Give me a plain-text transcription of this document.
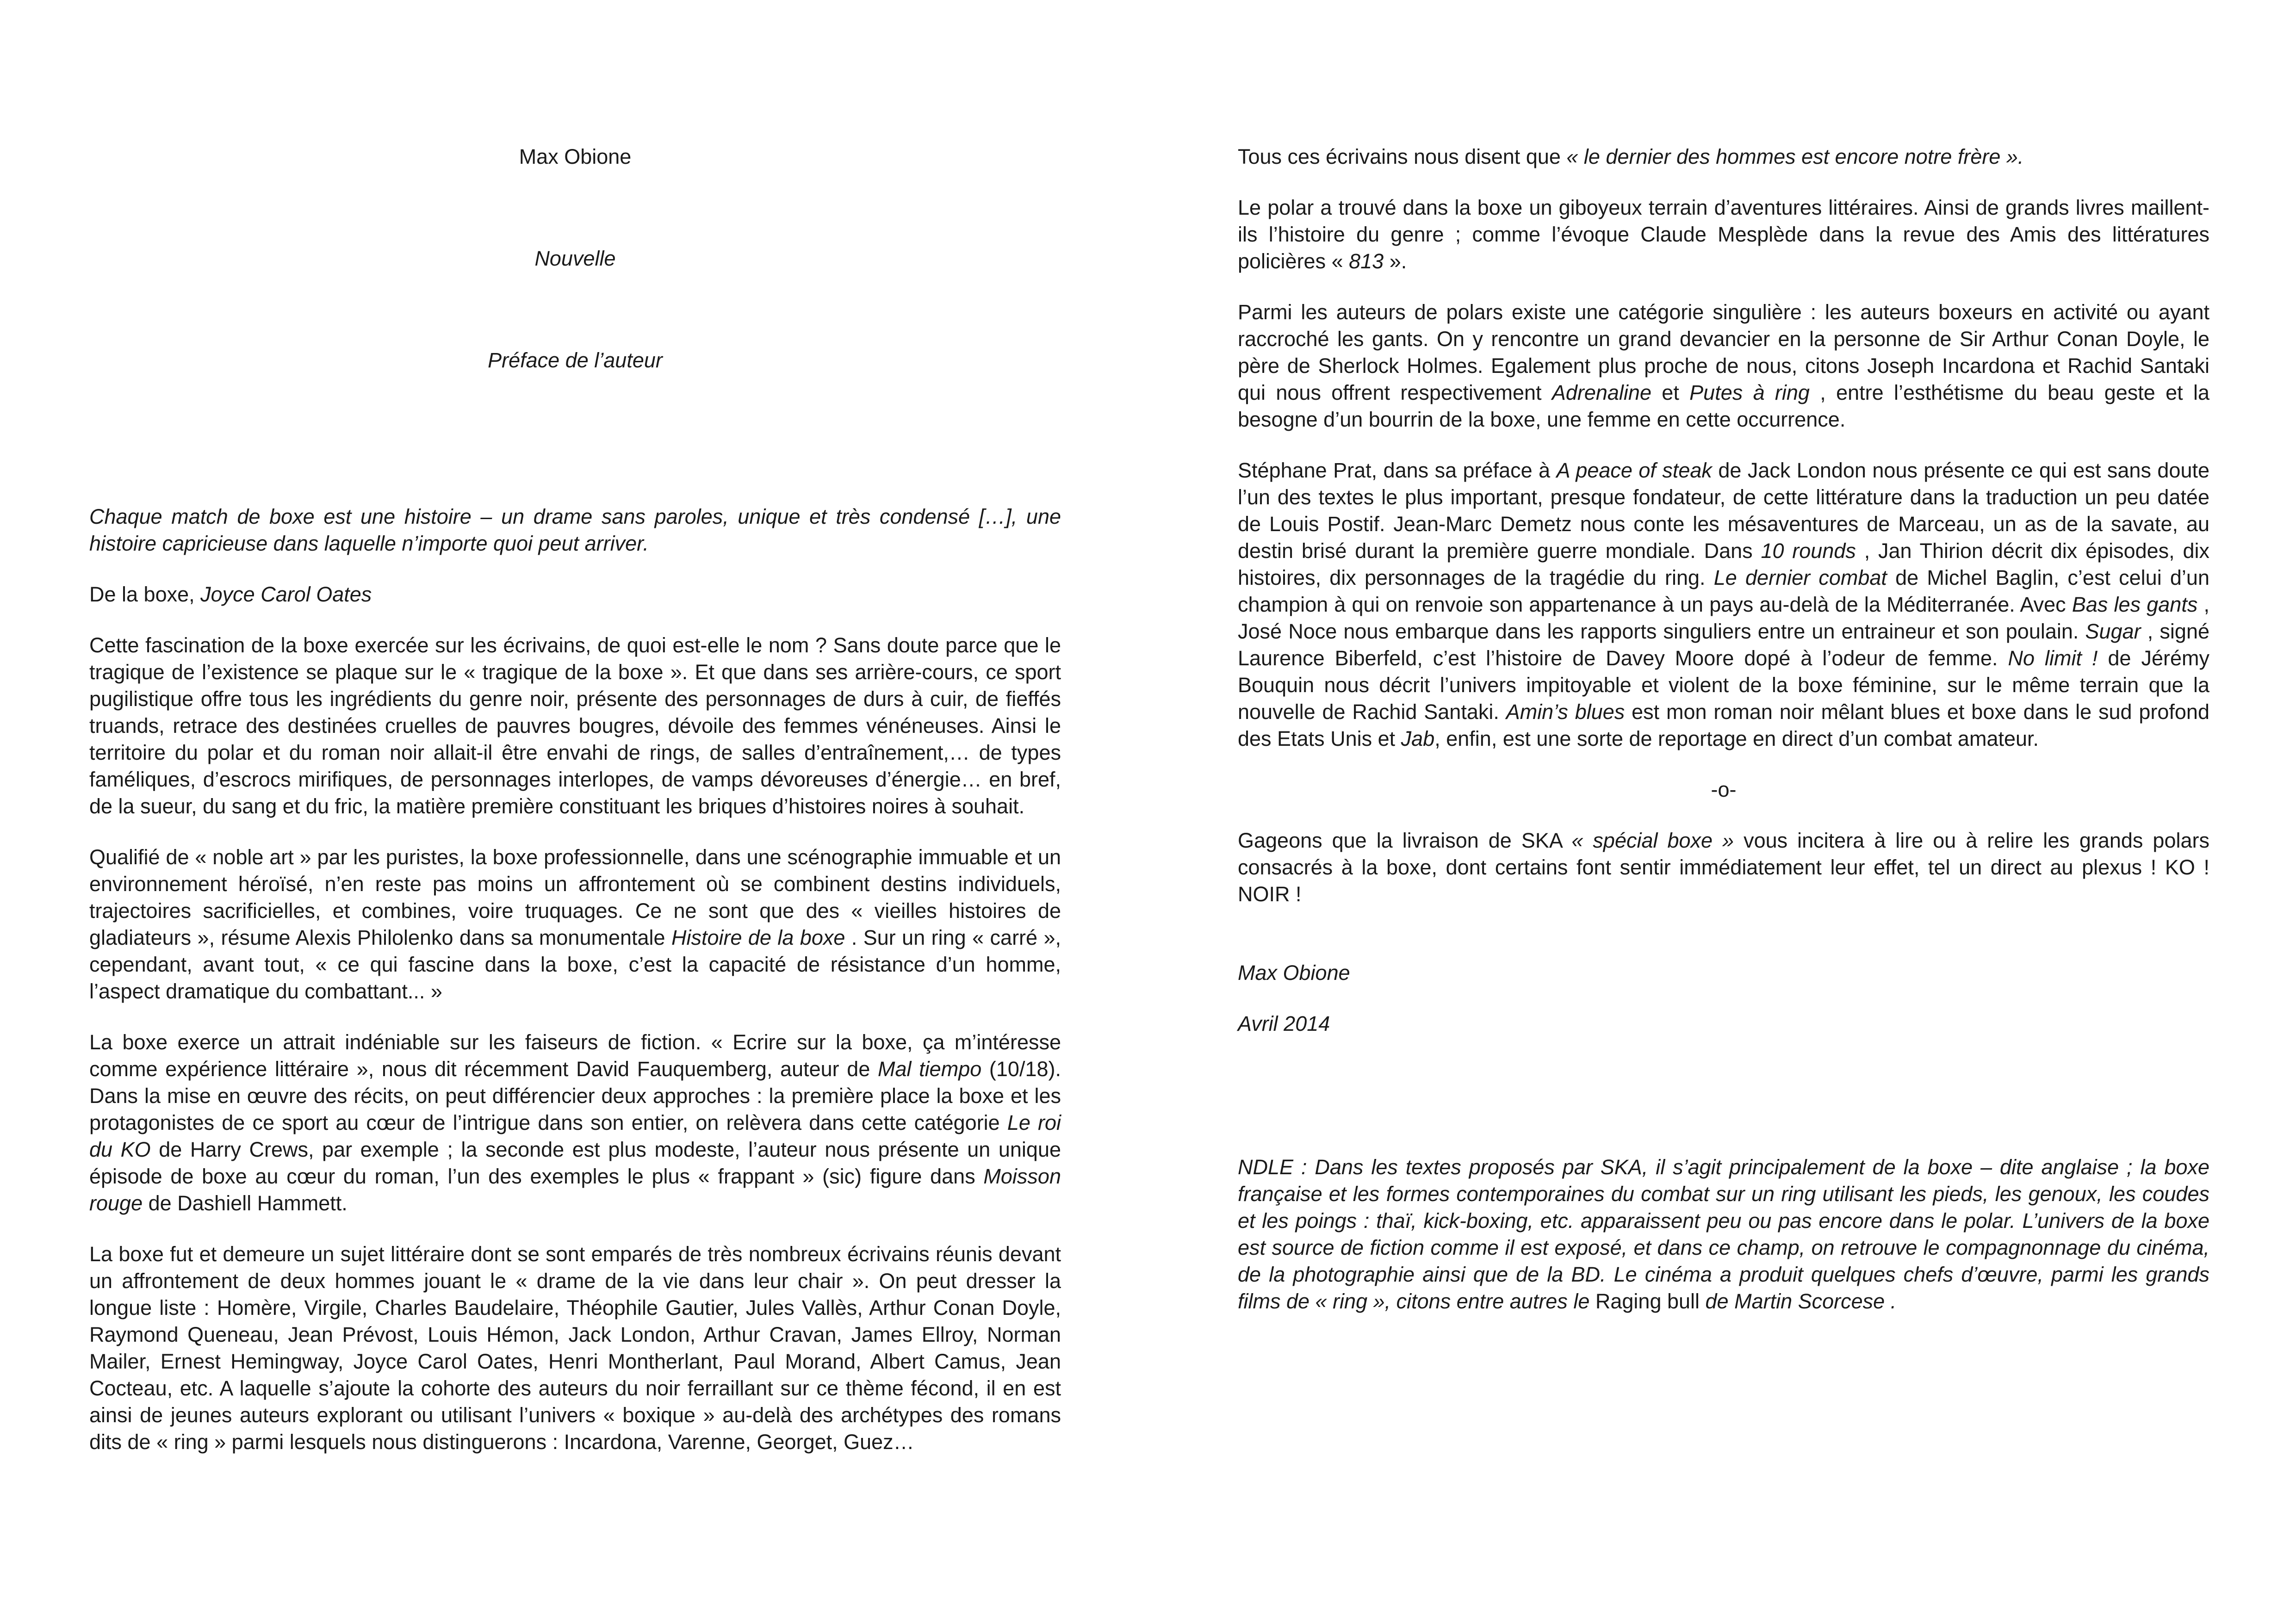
Max Obione

Nouvelle

Préface de l’auteur

Chaque match de boxe est une histoire – un drame sans paroles, unique et très condensé […], une histoire capricieuse dans laquelle n’importe quoi peut arriver.

De la boxe, Joyce Carol Oates

Cette fascination de la boxe exercée sur les écrivains, de quoi est-elle le nom ? Sans doute parce que le tragique de l’existence se plaque sur le « tragique de la boxe ». Et que dans ses arrière-cours, ce sport pugilistique offre tous les ingrédients du genre noir, présente des personnages de durs à cuir, de fieffés truands, retrace des destinées cruelles de pauvres bougres, dévoile des femmes vénéneuses. Ainsi le territoire du polar et du roman noir allait-il être envahi de rings, de salles d’entraînement,… de types faméliques, d’escrocs mirifiques, de personnages interlopes, de vamps dévoreuses d’énergie… en bref, de la sueur, du sang et du fric, la matière première constituant les briques d’histoires noires à souhait.

Qualifié de « noble art » par les puristes, la boxe professionnelle, dans une scénographie immuable et un environnement héroïsé, n’en reste pas moins un affrontement où se combinent destins individuels, trajectoires sacrificielles, et combines, voire truquages. Ce ne sont que des « vieilles histoires de gladiateurs », résume Alexis Philolenko dans sa monumentale Histoire de la boxe . Sur un ring « carré », cependant, avant tout, « ce qui fascine dans la boxe, c’est la capacité de résistance d’un homme, l’aspect dramatique du combattant... »

La boxe exerce un attrait indéniable sur les faiseurs de fiction. « Ecrire sur la boxe, ça m’intéresse comme expérience littéraire », nous dit récemment David Fauquemberg, auteur de Mal tiempo (10/18). Dans la mise en œuvre des récits, on peut différencier deux approches : la première place la boxe et les protagonistes de ce sport au cœur de l’intrigue dans son entier, on relèvera dans cette catégorie Le roi du KO de Harry Crews, par exemple ; la seconde est plus modeste, l’auteur nous présente un unique épisode de boxe au cœur du roman, l’un des exemples le plus « frappant » (sic) figure dans Moisson rouge de Dashiell Hammett.

La boxe fut et demeure un sujet littéraire dont se sont emparés de très nombreux écrivains réunis devant un affrontement de deux hommes jouant le « drame de la vie dans leur chair ». On peut dresser la longue liste : Homère, Virgile, Charles Baudelaire, Théophile Gautier, Jules Vallès, Arthur Conan Doyle, Raymond Queneau, Jean Prévost, Louis Hémon, Jack London, Arthur Cravan, James Ellroy, Norman Mailer, Ernest Hemingway, Joyce Carol Oates, Henri Montherlant, Paul Morand, Albert Camus, Jean Cocteau, etc. A laquelle s’ajoute la cohorte des auteurs du noir ferraillant sur ce thème fécond, il en est ainsi de jeunes auteurs explorant ou utilisant l’univers « boxique » au-delà des archétypes des romans dits de « ring » parmi lesquels nous distinguerons : Incardona, Varenne, Georget, Guez…

Tous ces écrivains nous disent que « le dernier des hommes est encore notre frère ».

Le polar a trouvé dans la boxe un giboyeux terrain d’aventures littéraires. Ainsi de grands livres maillent-ils l’histoire du genre ; comme l’évoque Claude Mesplède dans la revue des Amis des littératures policières « 813 ».

Parmi les auteurs de polars existe une catégorie singulière : les auteurs boxeurs en activité ou ayant raccroché les gants. On y rencontre un grand devancier en la personne de Sir Arthur Conan Doyle, le père de Sherlock Holmes. Egalement plus proche de nous, citons Joseph Incardona et Rachid Santaki qui nous offrent respectivement Adrenaline et Putes à ring , entre l’esthétisme du beau geste et la besogne d’un bourrin de la boxe, une femme en cette occurrence.

Stéphane Prat, dans sa préface à A peace of steak de Jack London nous présente ce qui est sans doute l’un des textes le plus important, presque fondateur, de cette littérature dans la traduction un peu datée de Louis Postif. Jean-Marc Demetz nous conte les mésaventures de Marceau, un as de la savate, au destin brisé durant la première guerre mondiale. Dans 10 rounds , Jan Thirion décrit dix épisodes, dix histoires, dix personnages de la tragédie du ring. Le dernier combat de Michel Baglin, c’est celui d’un champion à qui on renvoie son appartenance à un pays au-delà de la Méditerranée. Avec Bas les gants , José Noce nous embarque dans les rapports singuliers entre un entraineur et son poulain. Sugar , signé Laurence Biberfeld, c’est l’histoire de Davey Moore dopé à l’odeur de femme. No limit ! de Jérémy Bouquin nous décrit l’univers impitoyable et violent de la boxe féminine, sur le même terrain que la nouvelle de Rachid Santaki. Amin’s blues est mon roman noir mêlant blues et boxe dans le sud profond des Etats Unis et Jab, enfin, est une sorte de reportage en direct d’un combat amateur.

-o-

Gageons que la livraison de SKA « spécial boxe » vous incitera à lire ou à relire les grands polars consacrés à la boxe, dont certains font sentir immédiatement leur effet, tel un direct au plexus ! KO ! NOIR !

Max Obione

Avril 2014

NDLE : Dans les textes proposés par SKA, il s’agit principalement de la boxe – dite anglaise ; la boxe française et les formes contemporaines du combat sur un ring utilisant les pieds, les genoux, les coudes et les poings : thaï, kick-boxing, etc. apparaissent peu ou pas encore dans le polar. L’univers de la boxe est source de fiction comme il est exposé, et dans ce champ, on retrouve le compagnonnage du cinéma, de la photographie ainsi que de la BD. Le cinéma a produit quelques chefs d’œuvre, parmi les grands films de « ring », citons entre autres le Raging bull de Martin Scorcese .
